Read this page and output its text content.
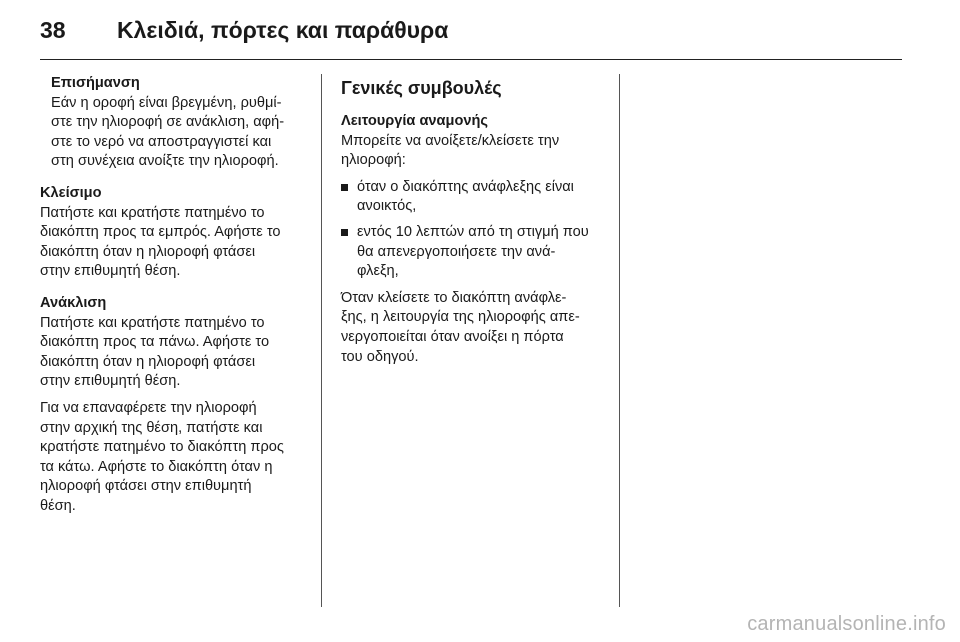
38 Κλειδιά, πόρτες και παράθυρα
Επισήμανση
Εάν η οροφή είναι βρεγμένη, ρυθμί-
στε την ηλιοροφή σε ανάκλιση, αφή-
στε το νερό να αποστραγγιστεί και
στη συνέχεια ανοίξτε την ηλιοροφή.
Κλείσιμο
Πατήστε και κρατήστε πατημένο το
διακόπτη προς τα εμπρός. Αφήστε το
διακόπτη όταν η ηλιοροφή φτάσει
στην επιθυμητή θέση.
Ανάκλιση
Πατήστε και κρατήστε πατημένο το
διακόπτη προς τα πάνω. Αφήστε το
διακόπτη όταν η ηλιοροφή φτάσει
στην επιθυμητή θέση.
Για να επαναφέρετε την ηλιοροφή
στην αρχική της θέση, πατήστε και
κρατήστε πατημένο το διακόπτη προς
τα κάτω. Αφήστε το διακόπτη όταν η
ηλιοροφή φτάσει στην επιθυμητή
θέση.
Γενικές συμβουλές
Λειτουργία αναμονής
Μπορείτε να ανοίξετε/κλείσετε την
ηλιοροφή:
όταν ο διακόπτης ανάφλεξης είναι
ανοικτός,
εντός 10 λεπτών από τη στιγμή που
θα απενεργοποιήσετε την ανά-
φλεξη,
Όταν κλείσετε το διακόπτη ανάφλε-
ξης, η λειτουργία της ηλιοροφής απε-
νεργοποιείται όταν ανοίξει η πόρτα
του οδηγού.
carmanualsonline.info
